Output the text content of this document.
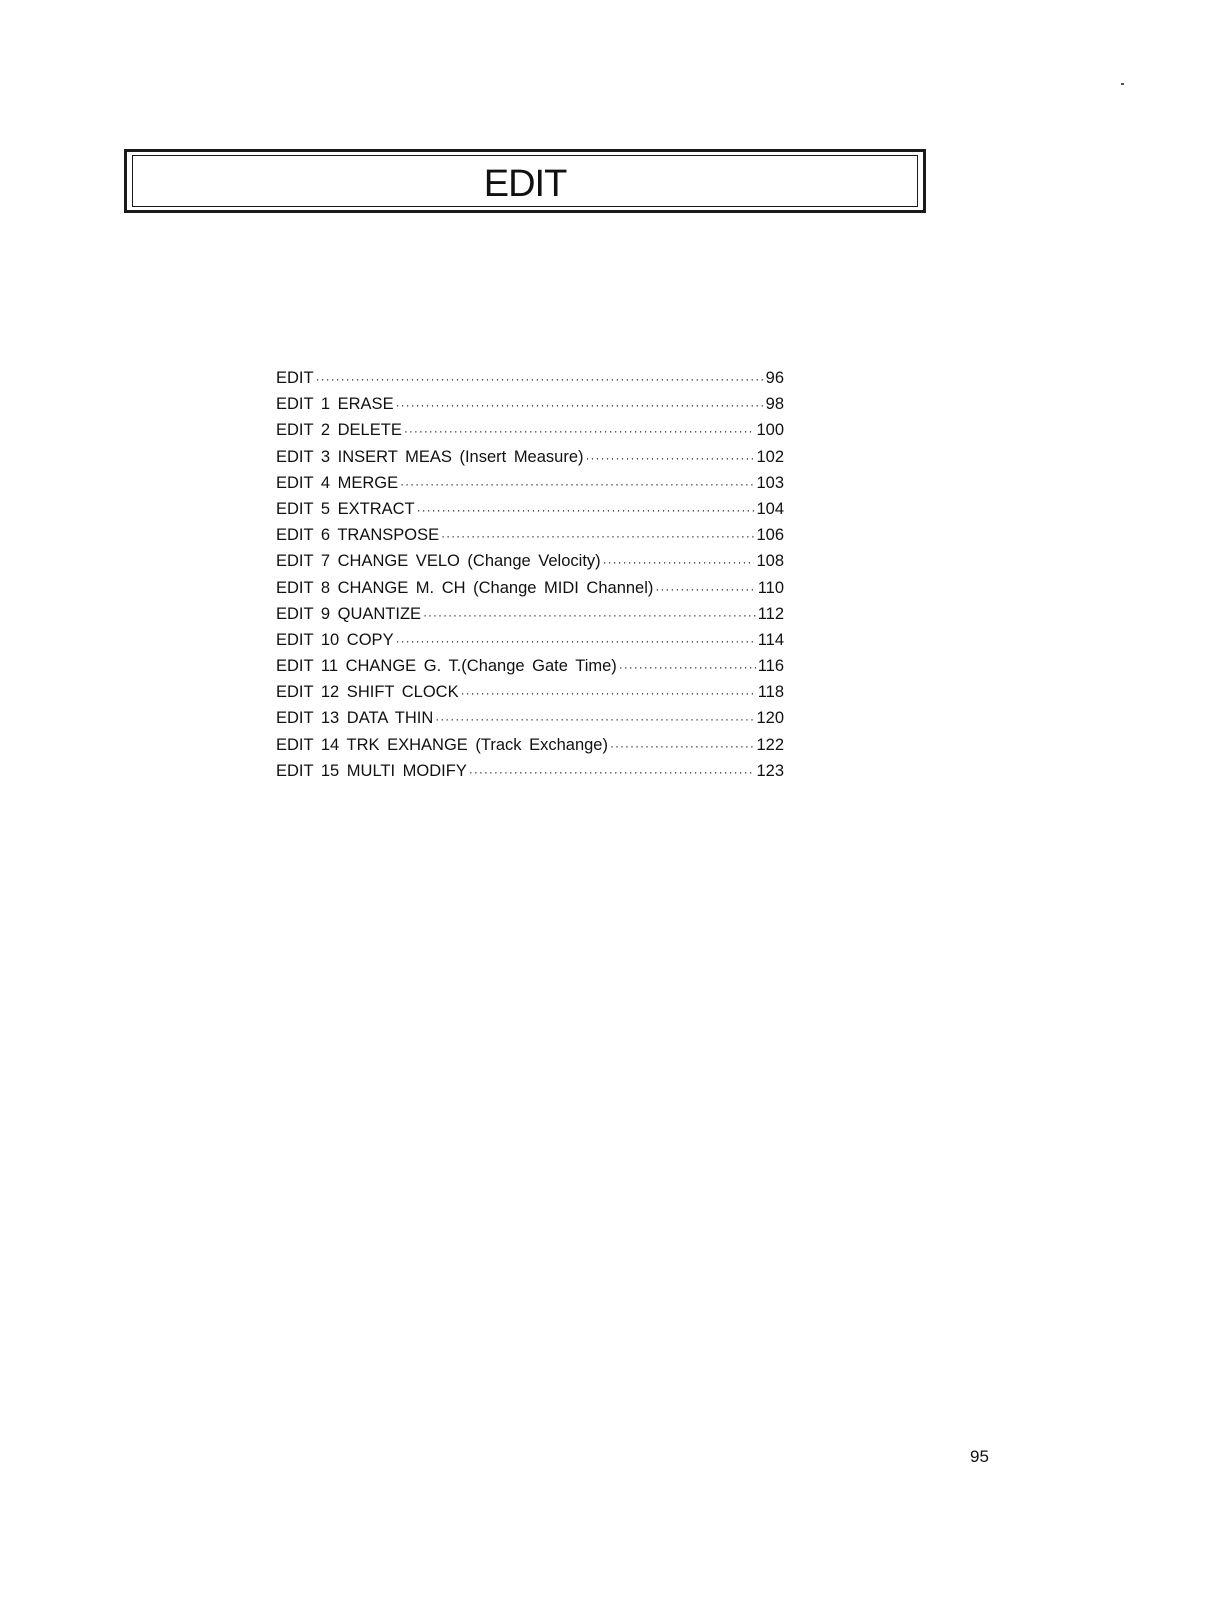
EDIT
EDIT ·····	96
EDIT 1 ERASE ·····	98
EDIT 2 DELETE ·····	100
EDIT 3 INSERT MEAS (Insert Measure) ·····	102
EDIT 4 MERGE ·····	103
EDIT 5 EXTRACT ·····	104
EDIT 6 TRANSPOSE ·····	106
EDIT 7 CHANGE VELO (Change Velocity) ·····	108
EDIT 8 CHANGE M. CH (Change MIDI Channel) ·····	110
EDIT 9 QUANTIZE ·····	112
EDIT 10 COPY ·····	114
EDIT 11 CHANGE G. T.(Change Gate Time) ·····	116
EDIT 12 SHIFT CLOCK ·····	118
EDIT 13 DATA THIN ·····	120
EDIT 14 TRK EXHANGE (Track Exchange) ·····	122
EDIT 15 MULTI MODIFY ·····	123
95
